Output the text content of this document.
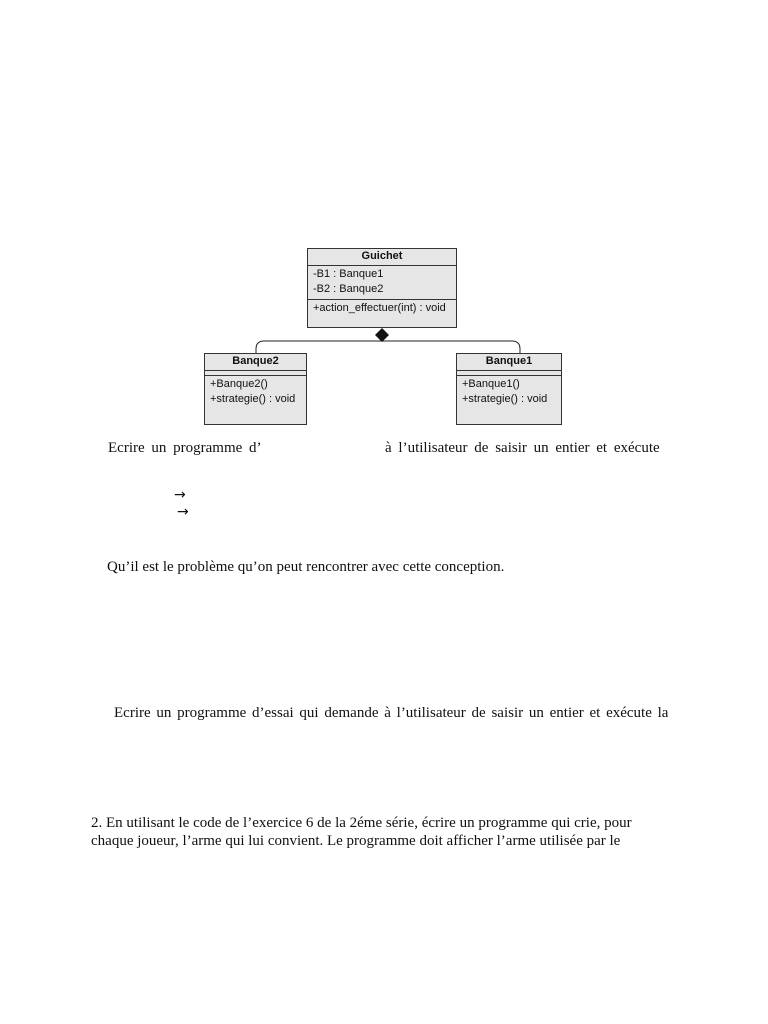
Guichet
-B1 : Banque1
-B2 : Banque2
+action_effectuer(int) : void
Banque2
+Banque2()
+strategie() : void
Banque1
+Banque1()
+strategie() : void
Ecrire un programme d’	à l’utilisateur de saisir un entier et exécute
→
→
Qu’il est le problème qu’on peut rencontrer avec cette conception.
Ecrire un programme d’essai qui demande à l’utilisateur de saisir un entier et exécute la
2. En utilisant le code de l’exercice 6 de la 2éme série, écrire un programme qui crie, pour
chaque joueur, l’arme qui lui convient. Le programme doit afficher l’arme utilisée par le
